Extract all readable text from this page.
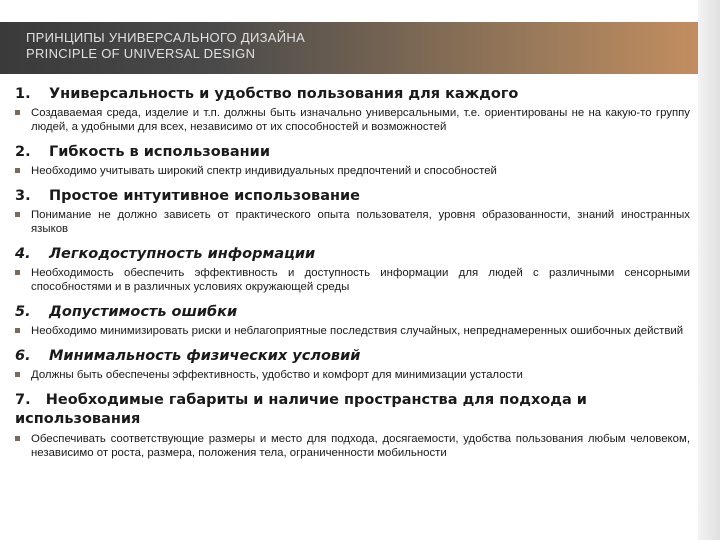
ПРИНЦИПЫ УНИВЕРСАЛЬНОГО ДИЗАЙНА
PRINCIPLE OF UNIVERSAL DESIGN
1.	Универсальность и удобство пользования для каждого
Создаваемая среда, изделие и т.п. должны быть изначально универсальными, т.е. ориентированы не на какую-то группу людей, а удобными для всех, независимо от их способностей и возможностей
2.	Гибкость в использовании
Необходимо учитывать широкий спектр индивидуальных предпочтений и способностей
3.	Простое интуитивное использование
Понимание не должно зависеть от практического опыта пользователя, уровня образованности, знаний иностранных языков
4.	Легкодоступность информации
Необходимость обеспечить эффективность и доступность информации для людей с различными сенсорными способностями и в различных условиях окружающей среды
5.	Допустимость ошибки
Необходимо минимизировать риски и неблагоприятные последствия случайных, непреднамеренных ошибочных действий
6.	Минимальность физических условий
Должны быть обеспечены эффективность, удобство и комфорт для минимизации усталости
7. Необходимые габариты и наличие пространства для подхода и использования
Обеспечивать соответствующие размеры и место для подхода, досягаемости, удобства пользования любым человеком, независимо от роста, размера, положения тела, ограниченности мобильности
